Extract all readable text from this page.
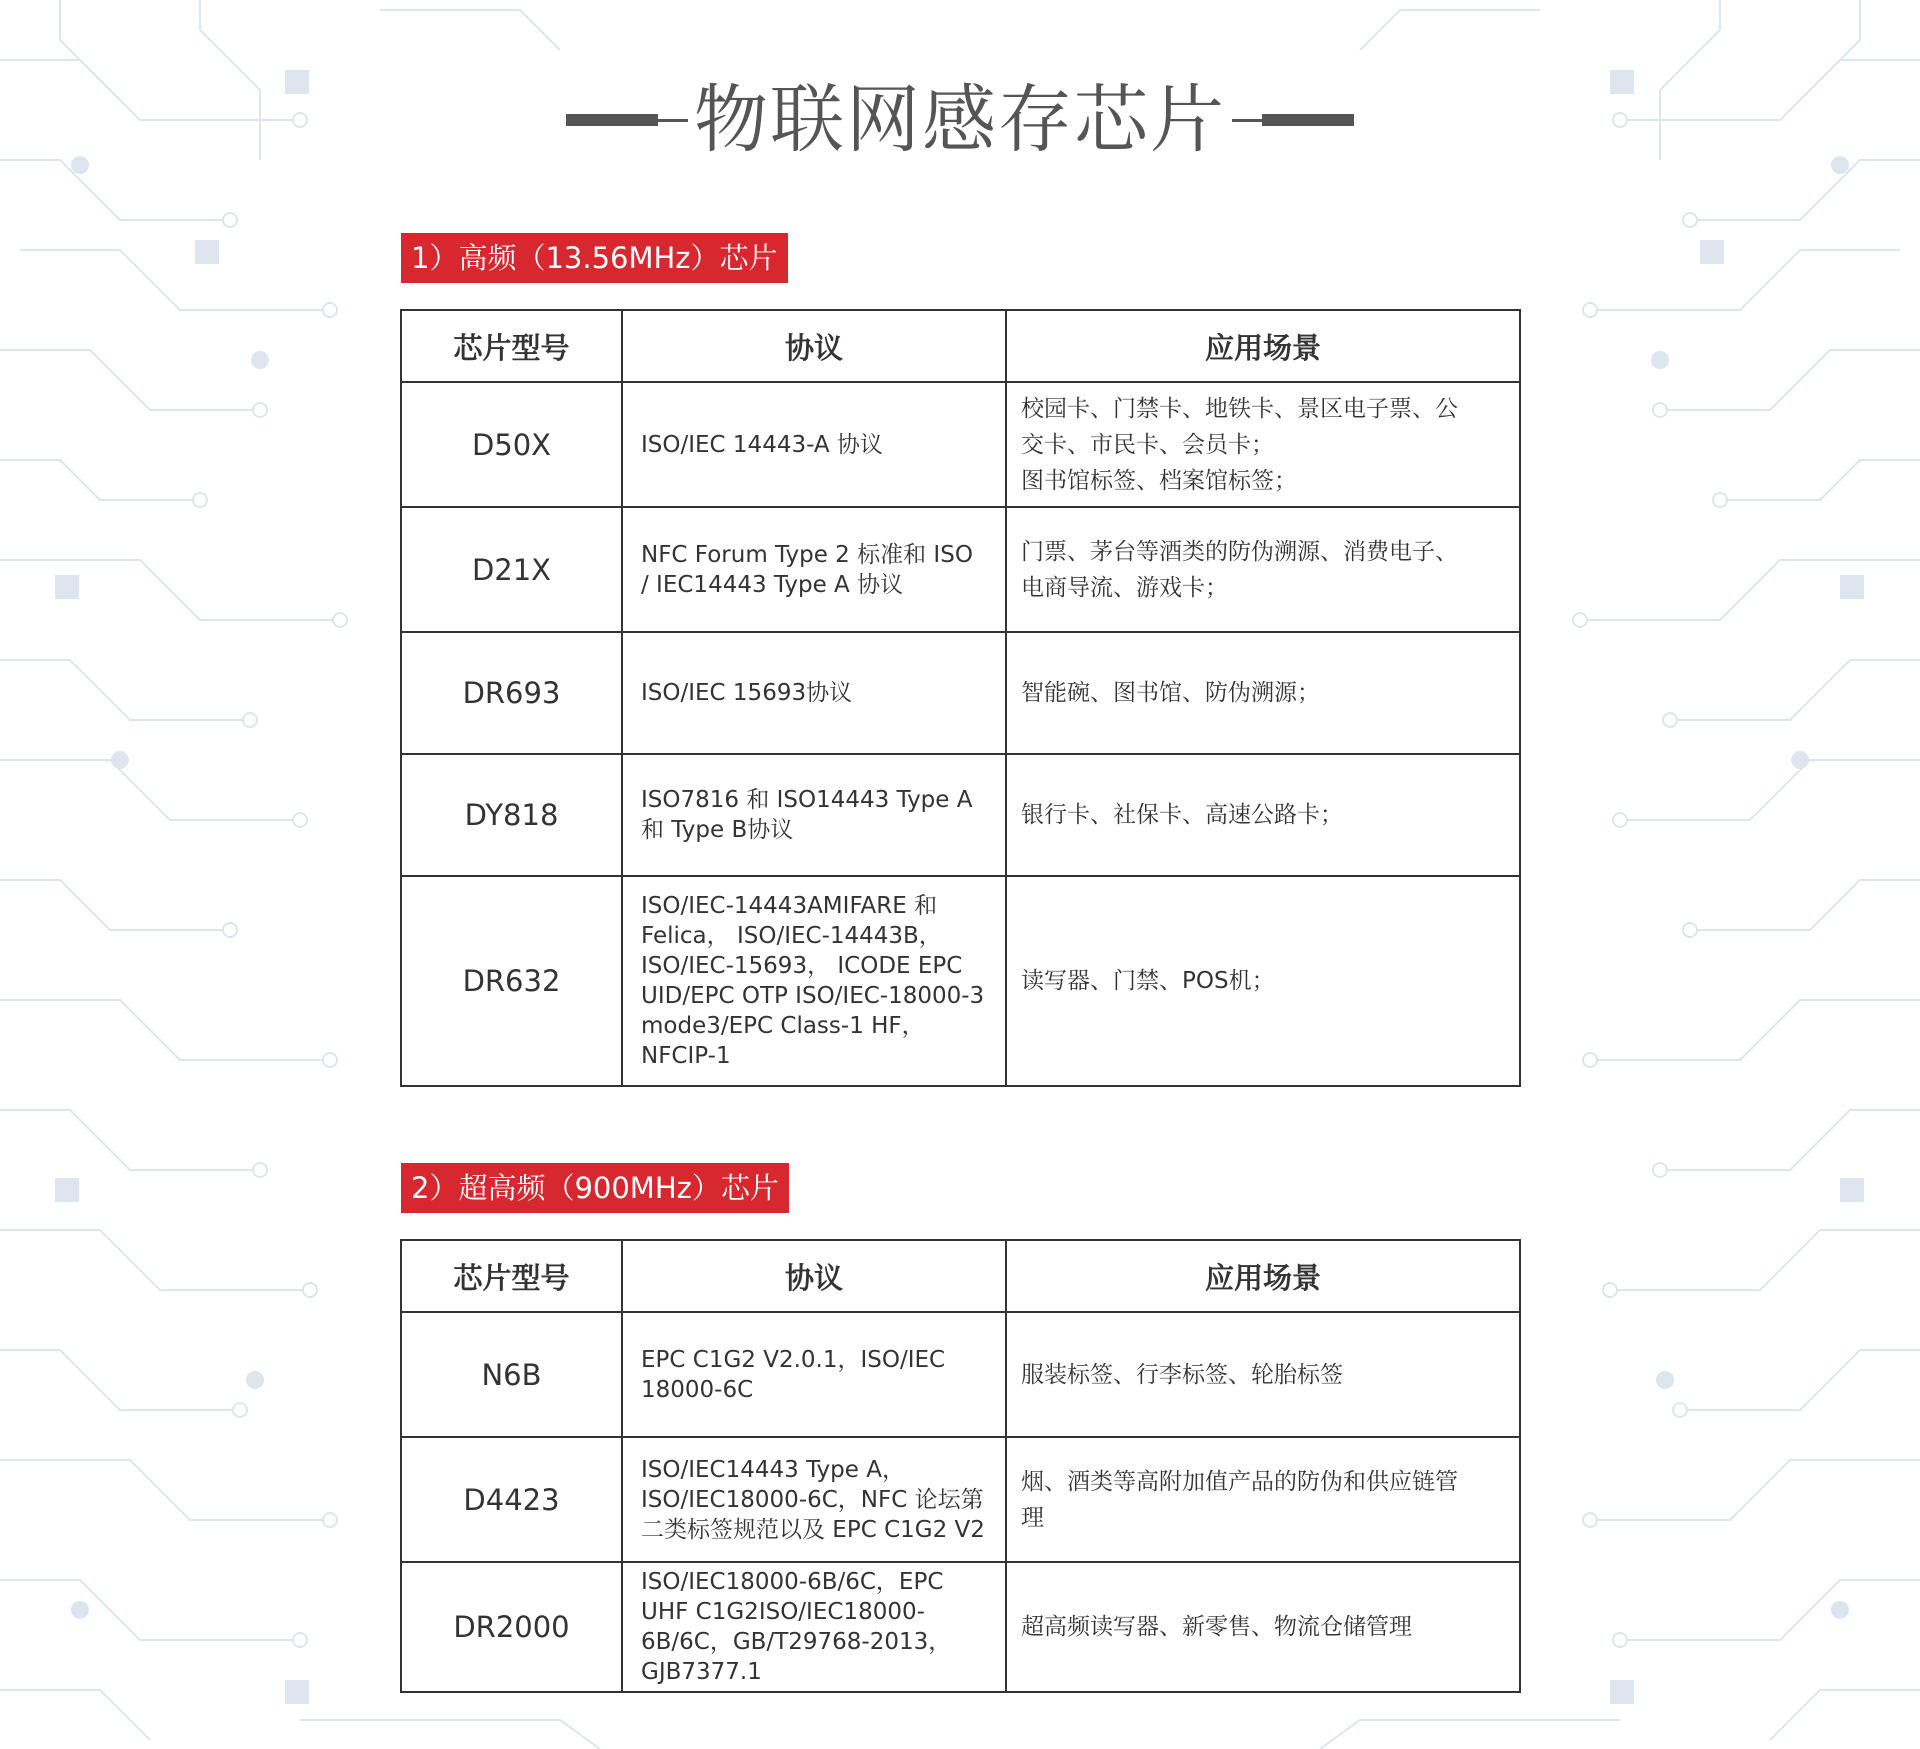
物联网感存芯片
1）高频（13.56MHz）芯片
芯片型号	协议	应用场景
D50X	ISO/IEC 14443-A 协议	校园卡、门禁卡、地铁卡、景区电子票、公
交卡、市民卡、会员卡；
图书馆标签、档案馆标签；

D21X	NFC Forum Type 2 标准和 ISO / IEC14443 Type A 协议	门票、茅台等酒类的防伪溯源、消费电子、
电商导流、游戏卡；

DR693	ISO/IEC 15693协议	智能碗、图书馆、防伪溯源；

DY818	ISO7816 和 ISO14443 Type A 和 Type B协议	银行卡、社保卡、高速公路卡；

DR632	ISO/IEC-14443AMIFARE 和 Felica， ISO/IEC-14443B， ISO/IEC-15693， ICODE EPC UID/EPC OTP ISO/IEC-18000-3 mode3/EPC Class-1 HF， NFCIP-1	读写器、门禁、POS机；
2）超高频（900MHz）芯片
芯片型号	协议	应用场景
N6B	EPC C1G2 V2.0.1，ISO/IEC 18000-6C	服装标签、行李标签、轮胎标签

D4423	ISO/IEC14443 Type A，ISO/IEC18000-6C，NFC 论坛第二类标签规范以及 EPC C1G2 V2	烟、酒类等高附加值产品的防伪和供应链管
理

DR2000	ISO/IEC18000-6B/6C，EPC UHF C1G2ISO/IEC18000-6B/6C，GB/T29768-2013，GJB7377.1	超高频读写器、新零售、物流仓储管理
